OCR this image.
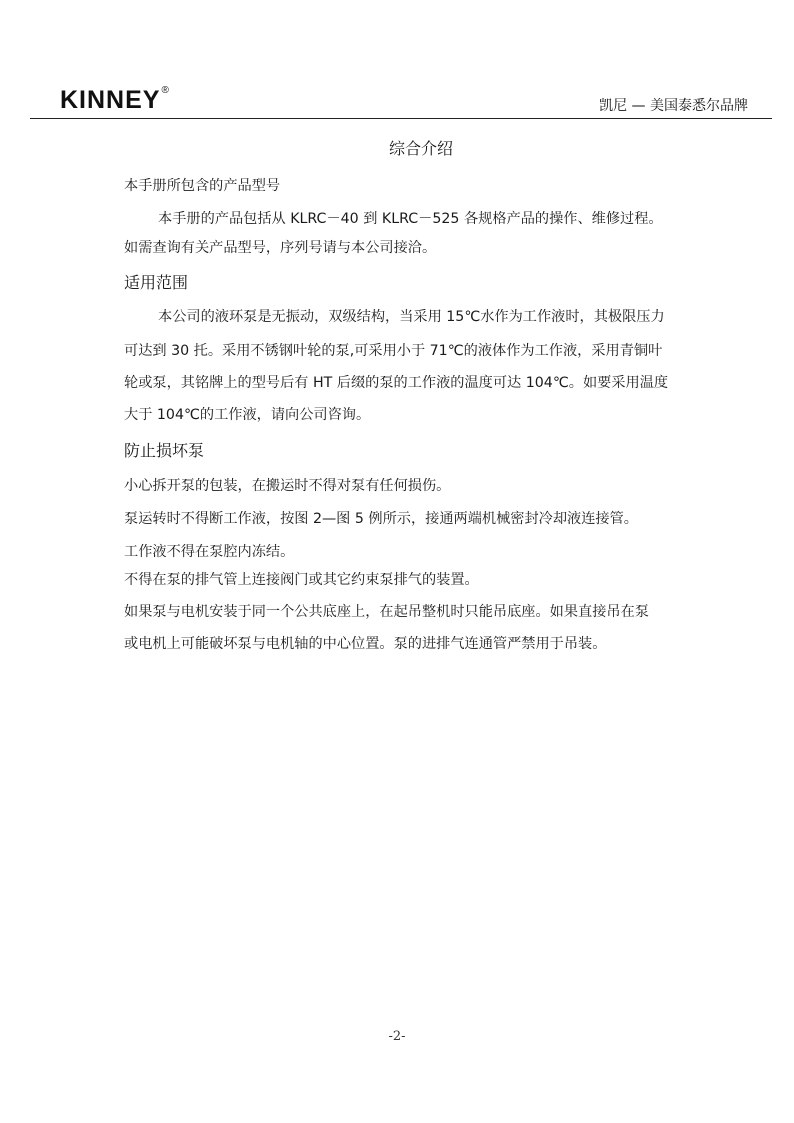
KINNEY®
凯尼 — 美国泰悉尔品牌
综合介绍
本手册所包含的产品型号
本手册的产品包括从 KLRC－40 到 KLRC－525 各规格产品的操作、维修过程。
如需查询有关产品型号，序列号请与本公司接洽。
适用范围
本公司的液环泵是无振动，双级结构，当采用 15℃水作为工作液时，其极限压力
可达到 30 托。采用不锈钢叶轮的泵,可采用小于 71℃的液体作为工作液，采用青铜叶
轮或泵，其铭牌上的型号后有 HT 后缀的泵的工作液的温度可达 104℃。如要采用温度
大于 104℃的工作液，请向公司咨询。
防止损坏泵
小心拆开泵的包装，在搬运时不得对泵有任何损伤。
泵运转时不得断工作液，按图 2—图 5 例所示，接通两端机械密封冷却液连接管。
工作液不得在泵腔内冻结。
不得在泵的排气管上连接阀门或其它约束泵排气的装置。
如果泵与电机安装于同一个公共底座上，在起吊整机时只能吊底座。如果直接吊在泵
或电机上可能破坏泵与电机轴的中心位置。泵的进排气连通管严禁用于吊装。
-2-
